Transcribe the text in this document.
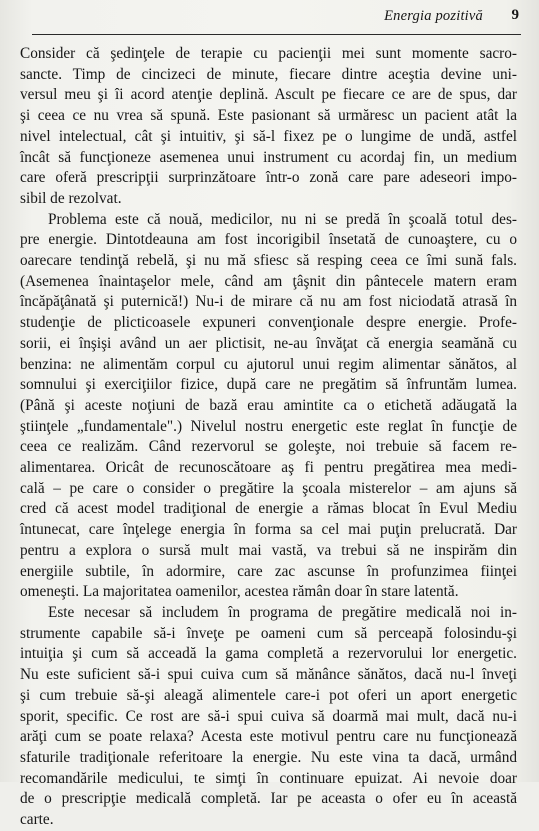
Energia pozitivă 9

Consider că şedinţele de terapie cu pacienţii mei sunt momente sacro-
sancte. Timp de cincizeci de minute, fiecare dintre aceştia devine uni-
versul meu şi îi acord atenţie deplină. Ascult pe fiecare ce are de spus, dar
şi ceea ce nu vrea să spună. Este pasionant să urmăresc un pacient atât la
nivel intelectual, cât şi intuitiv, şi să-l fixez pe o lungime de undă, astfel
încât să funcţioneze asemenea unui instrument cu acordaj fin, un medium
care oferă prescripţii surprinzătoare într-o zonă care pare adeseori impo-
sibil de rezolvat.

Problema este că nouă, medicilor, nu ni se predă în şcoală totul des-
pre energie. Dintotdeauna am fost incorigibil însetată de cunoaştere, cu o
oarecare tendinţă rebelă, şi nu mă sfiesc să resping ceea ce îmi sună fals.
(Asemenea înaintaşelor mele, când am ţâşnit din pântecele matern eram
încăpăţânată şi puternică!) Nu-i de mirare că nu am fost niciodată atrasă în
studenţie de plicticoasele expuneri convenţionale despre energie. Profe-
sorii, ei înşişi având un aer plictisit, ne-au învăţat că energia seamănă cu
benzina: ne alimentăm corpul cu ajutorul unui regim alimentar sănătos, al
somnului şi exerciţiilor fizice, după care ne pregătim să înfruntăm lumea.
(Până şi aceste noţiuni de bază erau amintite ca o etichetă adăugată la
ştiinţele „fundamentale".) Nivelul nostru energetic este reglat în funcţie de
ceea ce realizăm. Când rezervorul se goleşte, noi trebuie să facem re-
alimentarea. Oricât de recunoscătoare aş fi pentru pregătirea mea medi-
cală – pe care o consider o pregătire la şcoala misterelor – am ajuns să
cred că acest model tradiţional de energie a rămas blocat în Evul Mediu
întunecat, care înţelege energia în forma sa cel mai puţin prelucrată. Dar
pentru a explora o sursă mult mai vastă, va trebui să ne inspirăm din
energiile subtile, în adormire, care zac ascunse în profunzimea fiinţei
omeneşti. La majoritatea oamenilor, acestea rămân doar în stare latentă.

Este necesar să includem în programa de pregătire medicală noi in-
strumente capabile să-i înveţe pe oameni cum să perceapă folosindu-şi
intuiţia şi cum să acceadă la gama completă a rezervorului lor energetic.
Nu este suficient să-i spui cuiva cum să mănânce sănătos, dacă nu-l înveţi
şi cum trebuie să-şi aleagă alimentele care-i pot oferi un aport energetic
sporit, specific. Ce rost are să-i spui cuiva să doarmă mai mult, dacă nu-i
arăţi cum se poate relaxa? Acesta este motivul pentru care nu funcţionează
sfaturile tradiţionale referitoare la energie. Nu este vina ta dacă, urmând
recomandările medicului, te simţi în continuare epuizat. Ai nevoie doar
de o prescripţie medicală completă. Iar pe aceasta o ofer eu în această
carte.
